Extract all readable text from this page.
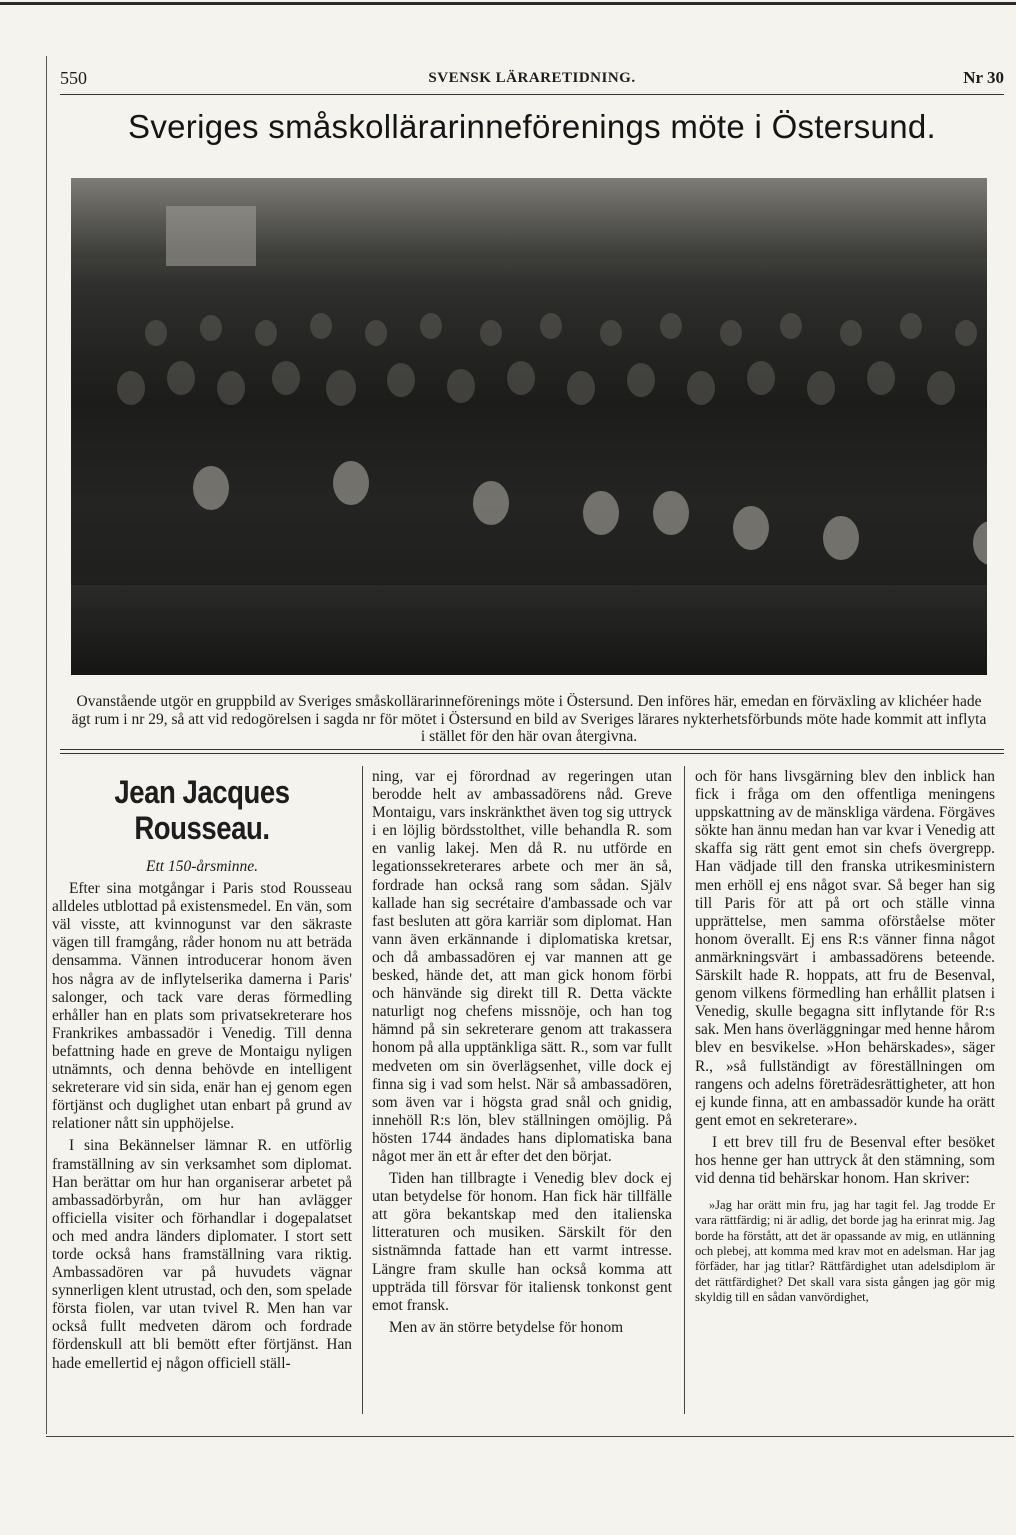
550	SVENSK LÄRARETIDNING.	Nr 30
Sveriges småskollärarinneförenings möte i Östersund.
Ovanstående utgör en gruppbild av Sveriges småskollärarinneförenings möte i Östersund. Den införes här, emedan en förväxling av klichéer hade ägt rum i nr 29, så att vid redogörelsen i sagda nr för mötet i Östersund en bild av Sveriges lärares nykterhetsförbunds möte hade kommit att inflyta i stället för den här ovan återgivna.
Jean Jacques Rousseau.
Ett 150-årsminne.

Efter sina motgångar i Paris stod Rousseau alldeles utblottad på existensmedel. En vän, som väl visste, att kvinnogunst var den säkraste vägen till framgång, råder honom nu att beträda densamma. Vännen introducerar honom även hos några av de inflytelserika damerna i Paris' salonger, och tack vare deras förmedling erhåller han en plats som privatsekreterare hos Frankrikes ambassadör i Venedig. Till denna befattning hade en greve de Montaigu nyligen utnämnts, och denna behövde en intelligent sekreterare vid sin sida, enär han ej genom egen förtjänst och duglighet utan enbart på grund av relationer nått sin upphöjelse.

I sina Bekännelser lämnar R. en utförlig framställning av sin verksamhet som diplomat. Han berättar om hur han organiserar arbetet på ambassadörbyrån, om hur han avlägger officiella visiter och förhandlar i dogepalatset och med andra länders diplomater. I stort sett torde också hans framställning vara riktig. Ambassadören var på huvudets vägnar synnerligen klent utrustad, och den, som spelade första fiolen, var utan tvivel R. Men han var också fullt medveten därom och fordrade fördenskull att bli bemött efter förtjänst. Han hade emellertid ej någon officiell ställ-

ning, var ej förordnad av regeringen utan berodde helt av ambassadörens nåd. Greve Montaigu, vars inskränkthet även tog sig uttryck i en löjlig bördsstolthet, ville behandla R. som en vanlig lakej. Men då R. nu utförde en legationssekreterares arbete och mer än så, fordrade han också rang som sådan. Själv kallade han sig secrétaire d'ambassade och var fast besluten att göra karriär som diplomat. Han vann även erkännande i diplomatiska kretsar, och då ambassadören ej var mannen att ge besked, hände det, att man gick honom förbi och hänvände sig direkt till R. Detta väckte naturligt nog chefens missnöje, och han tog hämnd på sin sekreterare genom att trakassera honom på alla upptänkliga sätt. R., som var fullt medveten om sin överlägsenhet, ville dock ej finna sig i vad som helst. När så ambassadören, som även var i högsta grad snål och gnidig, innehöll R:s lön, blev ställningen omöjlig. På hösten 1744 ändades hans diplomatiska bana något mer än ett år efter det den börjat.

Tiden han tillbragte i Venedig blev dock ej utan betydelse för honom. Han fick här tillfälle att göra bekantskap med den italienska litteraturen och musiken. Särskilt för den sistnämnda fattade han ett varmt intresse. Längre fram skulle han också komma att uppträda till försvar för italiensk tonkonst gent emot fransk.

Men av än större betydelse för honom

och för hans livsgärning blev den inblick han fick i fråga om den offentliga meningens uppskattning av de mänskliga värdena. Förgäves sökte han ännu medan han var kvar i Venedig att skaffa sig rätt gent emot sin chefs övergrepp. Han vädjade till den franska utrikesministern men erhöll ej ens något svar. Så beger han sig till Paris för att på ort och ställe vinna upprättelse, men samma oförståelse möter honom överallt. Ej ens R:s vänner finna något anmärkningsvärt i ambassadörens beteende. Särskilt hade R. hoppats, att fru de Besenval, genom vilkens förmedling han erhållit platsen i Venedig, skulle begagna sitt inflytande för R:s sak. Men hans överläggningar med henne hårom blev en besvikelse. »Hon behärskades», säger R., »så fullständigt av föreställningen om rangens och adelns företrädesrättigheter, att hon ej kunde finna, att en ambassadör kunde ha orätt gent emot en sekreterare».

I ett brev till fru de Besenval efter besöket hos henne ger han uttryck åt den stämning, som vid denna tid behärskar honom. Han skriver:

»Jag har orätt min fru, jag har tagit fel. Jag trodde Er vara rättfärdig; ni är adlig, det borde jag ha erinrat mig. Jag borde ha förstått, att det är opassande av mig, en utlänning och plebej, att komma med krav mot en adelsman. Har jag förfäder, har jag titlar? Rättfärdighet utan adelsdiplom är det rättfärdighet? Det skall vara sista gången jag gör mig skyldig till en sådan vanvördighet,
